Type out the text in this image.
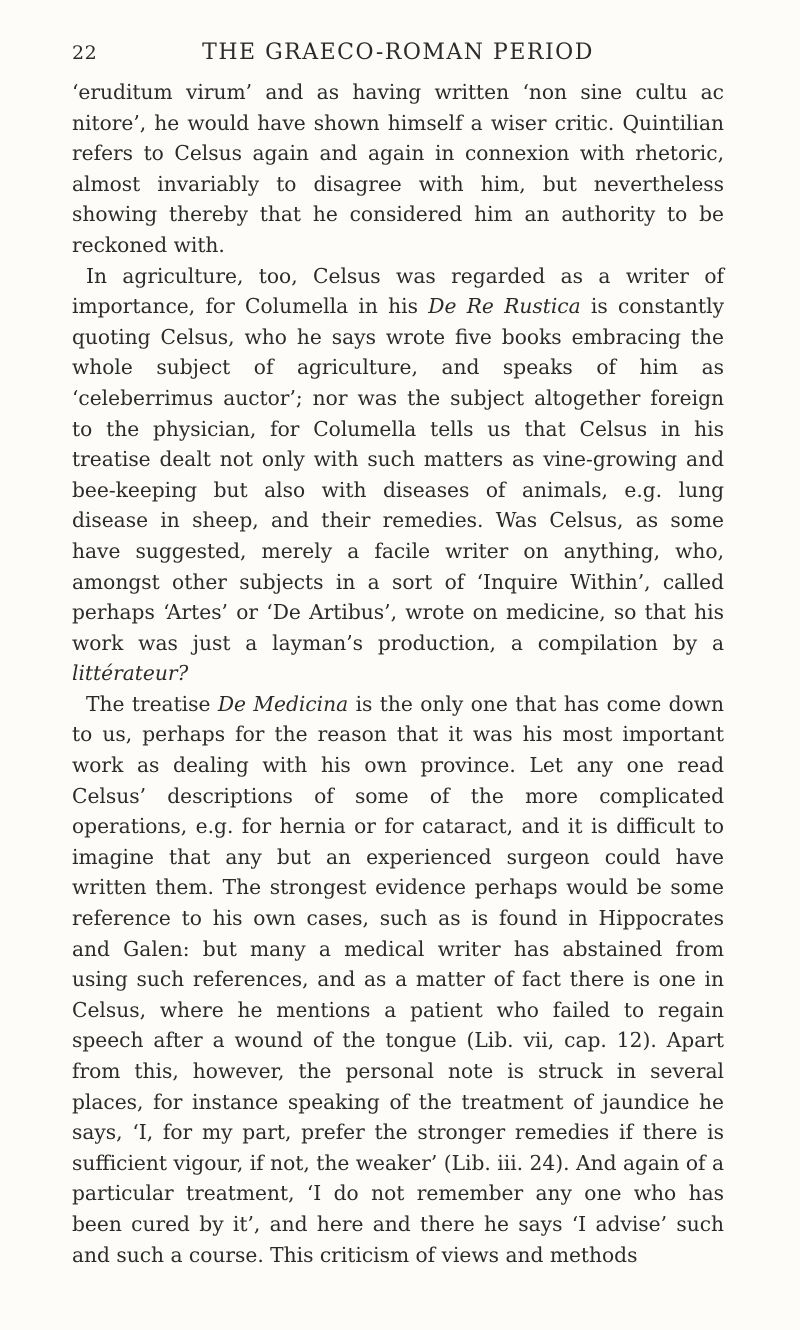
22	THE GRAECO-ROMAN PERIOD

‘eruditum virum’ and as having written ‘non sine cultu ac nitore’, he would have shown himself a wiser critic. Quintilian refers to Celsus again and again in connexion with rhetoric, almost invariably to disagree with him, but nevertheless showing thereby that he considered him an authority to be reckoned with.

In agriculture, too, Celsus was regarded as a writer of importance, for Columella in his De Re Rustica is constantly quoting Celsus, who he says wrote five books embracing the whole subject of agriculture, and speaks of him as ‘celeberrimus auctor’; nor was the subject altogether foreign to the physician, for Columella tells us that Celsus in his treatise dealt not only with such matters as vine-growing and bee-keeping but also with diseases of animals, e.g. lung disease in sheep, and their remedies. Was Celsus, as some have suggested, merely a facile writer on anything, who, amongst other subjects in a sort of ‘Inquire Within’, called perhaps ‘Artes’ or ‘De Artibus’, wrote on medicine, so that his work was just a layman’s production, a compilation by a littérateur?

The treatise De Medicina is the only one that has come down to us, perhaps for the reason that it was his most important work as dealing with his own province. Let any one read Celsus’ descriptions of some of the more complicated operations, e.g. for hernia or for cataract, and it is difficult to imagine that any but an experienced surgeon could have written them. The strongest evidence perhaps would be some reference to his own cases, such as is found in Hippocrates and Galen: but many a medical writer has abstained from using such references, and as a matter of fact there is one in Celsus, where he mentions a patient who failed to regain speech after a wound of the tongue (Lib. vii, cap. 12). Apart from this, however, the personal note is struck in several places, for instance speaking of the treatment of jaundice he says, ‘I, for my part, prefer the stronger remedies if there is sufficient vigour, if not, the weaker’ (Lib. iii. 24). And again of a particular treatment, ‘I do not remember any one who has been cured by it’, and here and there he says ‘I advise’ such and such a course. This criticism of views and methods
